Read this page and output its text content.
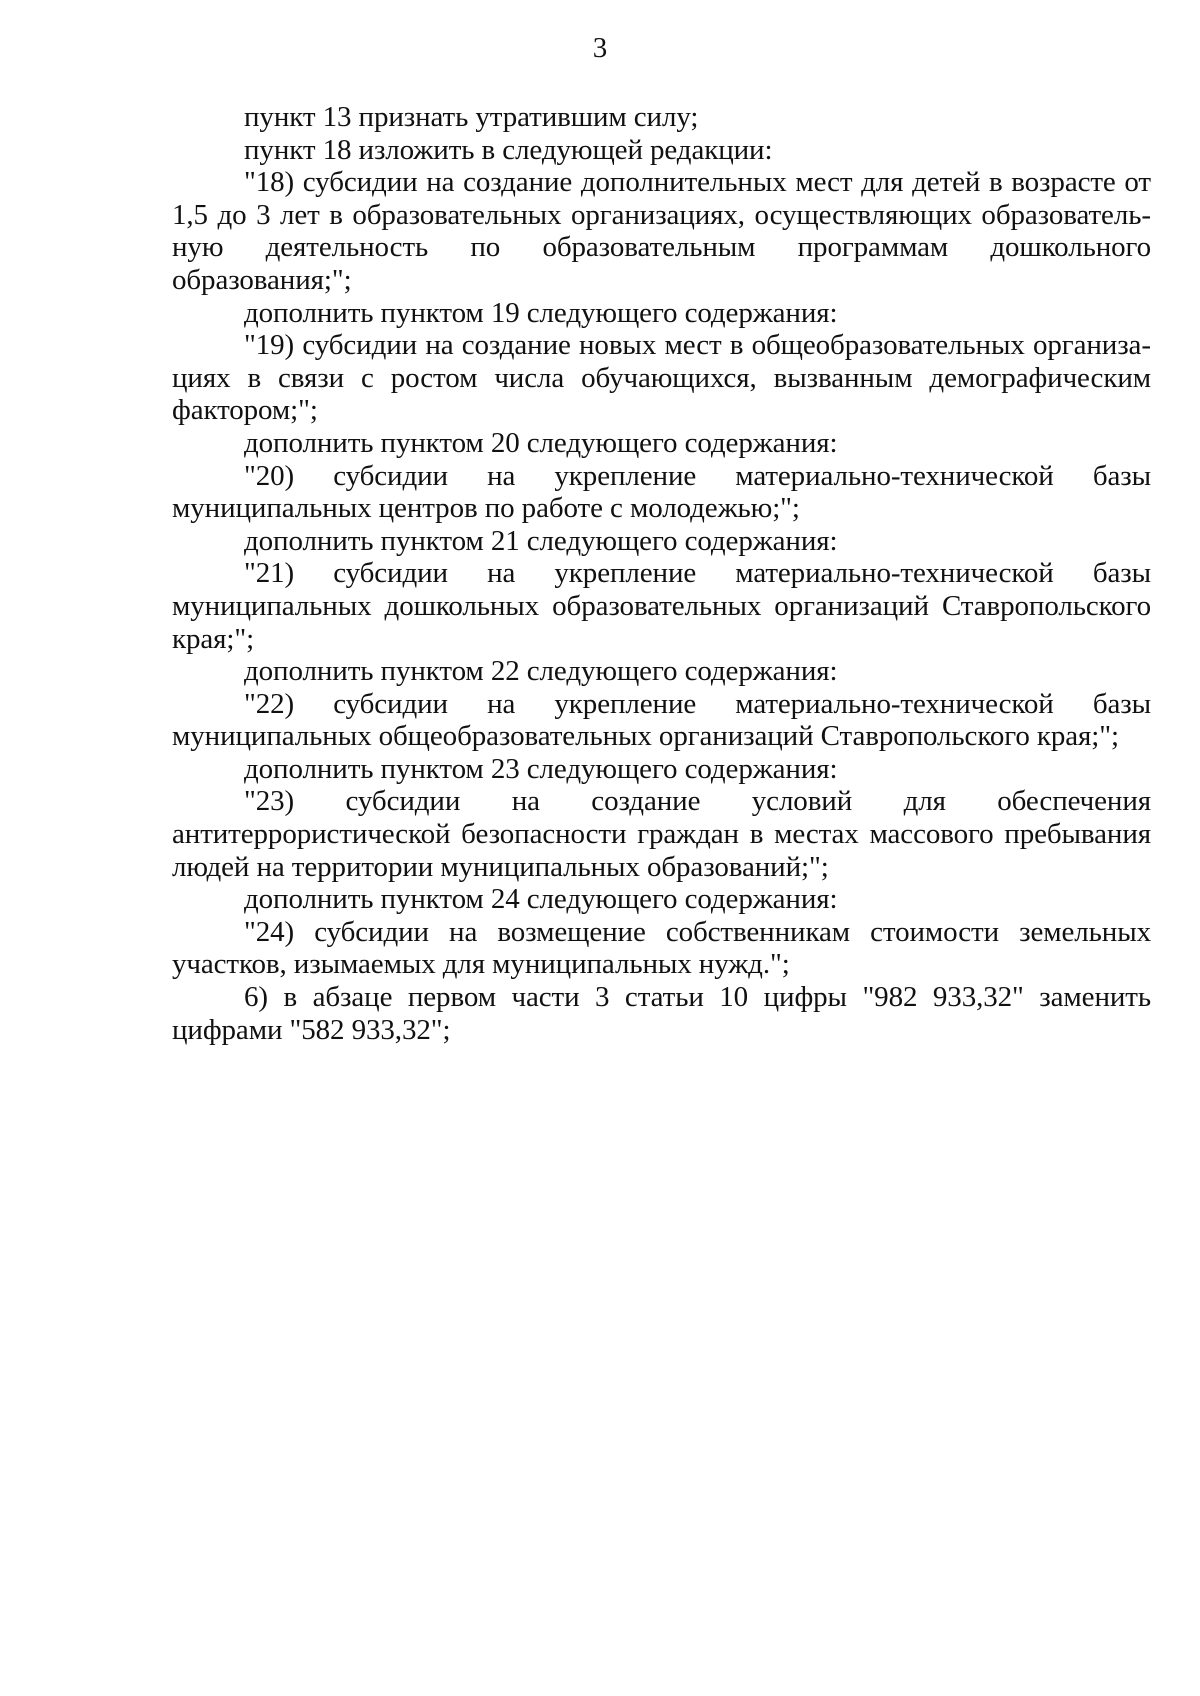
3

пункт 13 признать утратившим силу;

пункт 18 изложить в следующей редакции:

"18) субсидии на создание дополнительных мест для детей в возрасте от 1,5 до 3 лет в образовательных организациях, осуществляющих образовательную деятельность по образовательным программам дошкольного образования;";

дополнить пунктом 19 следующего содержания:

"19) субсидии на создание новых мест в общеобразовательных организациях в связи с ростом числа обучающихся, вызванным демографическим фактором;";

дополнить пунктом 20 следующего содержания:

"20) субсидии на укрепление материально-технической базы муниципальных центров по работе с молодежью;";

дополнить пунктом 21 следующего содержания:

"21) субсидии на укрепление материально-технической базы муниципальных дошкольных образовательных организаций Ставропольского края;";

дополнить пунктом 22 следующего содержания:

"22) субсидии на укрепление материально-технической базы муниципальных общеобразовательных организаций Ставропольского края;";

дополнить пунктом 23 следующего содержания:

"23) субсидии на создание условий для обеспечения антитеррористической безопасности граждан в местах массового пребывания людей на территории муниципальных образований;";

дополнить пунктом 24 следующего содержания:

"24) субсидии на возмещение собственникам стоимости земельных участков, изымаемых для муниципальных нужд.";

6) в абзаце первом части 3 статьи 10 цифры "982 933,32" заменить цифрами "582 933,32";
